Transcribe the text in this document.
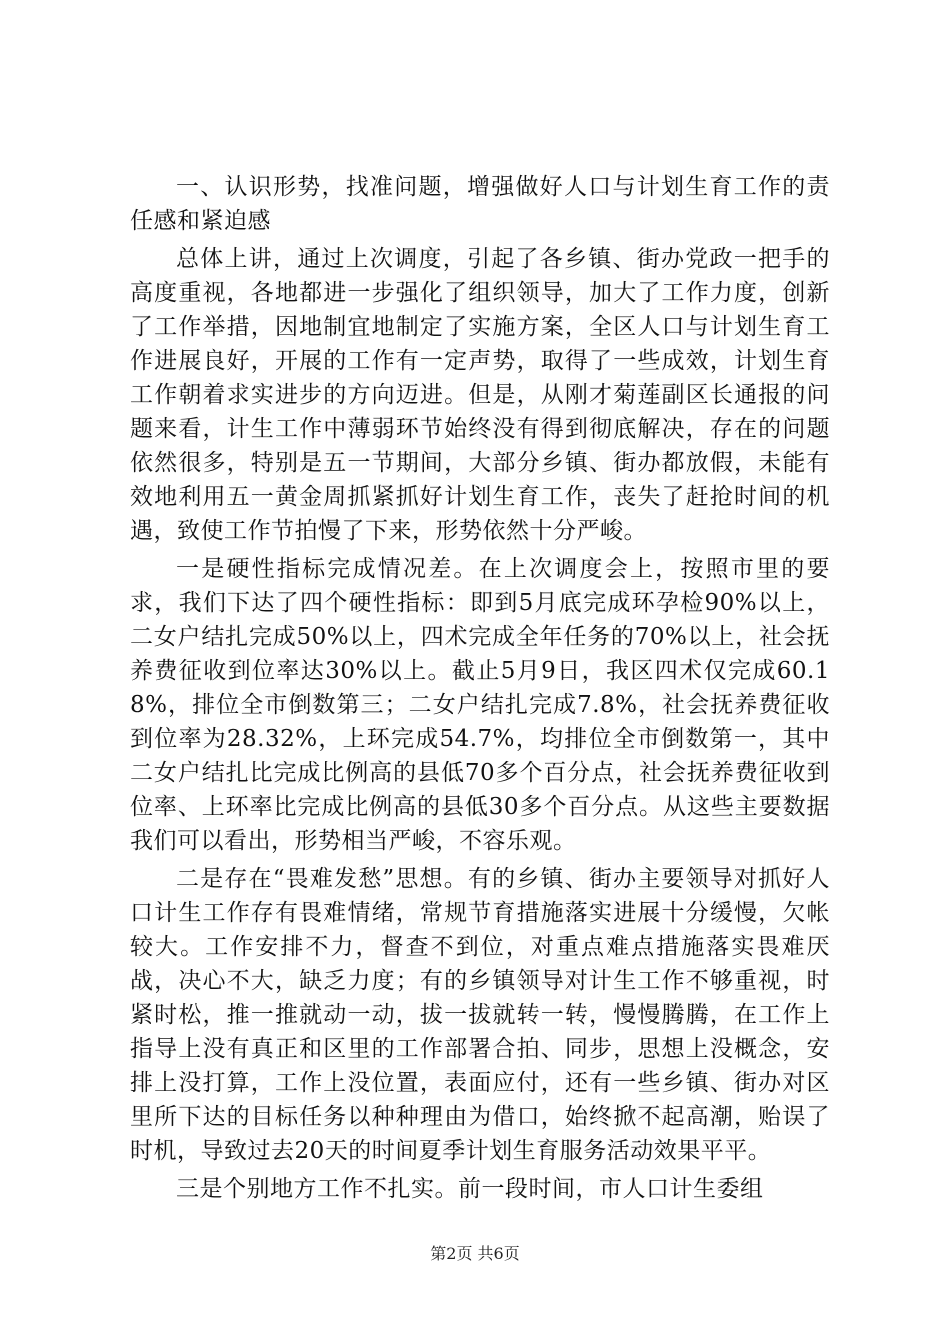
一、认识形势，找准问题，增强做好人口与计划生育工作的责任感和紧迫感

总体上讲，通过上次调度，引起了各乡镇、街办党政一把手的高度重视，各地都进一步强化了组织领导，加大了工作力度，创新了工作举措，因地制宜地制定了实施方案，全区人口与计划生育工作进展良好，开展的工作有一定声势，取得了一些成效，计划生育工作朝着求实进步的方向迈进。但是，从刚才菊莲副区长通报的问题来看，计生工作中薄弱环节始终没有得到彻底解决，存在的问题依然很多，特别是五一节期间，大部分乡镇、街办都放假，未能有效地利用五一黄金周抓紧抓好计划生育工作，丧失了赶抢时间的机遇，致使工作节拍慢了下来，形势依然十分严峻。

一是硬性指标完成情况差。在上次调度会上，按照市里的要求，我们下达了四个硬性指标：即到5月底完成环孕检90%以上，二女户结扎完成50%以上，四术完成全年任务的70%以上，社会抚养费征收到位率达30%以上。截止5月9日，我区四术仅完成60.18%，排位全市倒数第三；二女户结扎完成7.8%，社会抚养费征收到位率为28.32%，上环完成54.7%，均排位全市倒数第一，其中二女户结扎比完成比例高的县低70多个百分点，社会抚养费征收到位率、上环率比完成比例高的县低30多个百分点。从这些主要数据我们可以看出，形势相当严峻，不容乐观。

二是存在“畏难发愁”思想。有的乡镇、街办主要领导对抓好人口计生工作存有畏难情绪，常规节育措施落实进展十分缓慢，欠帐较大。工作安排不力，督查不到位，对重点难点措施落实畏难厌战，决心不大，缺乏力度；有的乡镇领导对计生工作不够重视，时紧时松，推一推就动一动，拔一拔就转一转，慢慢腾腾，在工作上指导上没有真正和区里的工作部署合拍、同步，思想上没概念，安排上没打算，工作上没位置，表面应付，还有一些乡镇、街办对区里所下达的目标任务以种种理由为借口，始终掀不起高潮，贻误了时机，导致过去20天的时间夏季计划生育服务活动效果平平。

三是个别地方工作不扎实。前一段时间，市人口计生委组

第2页 共6页
